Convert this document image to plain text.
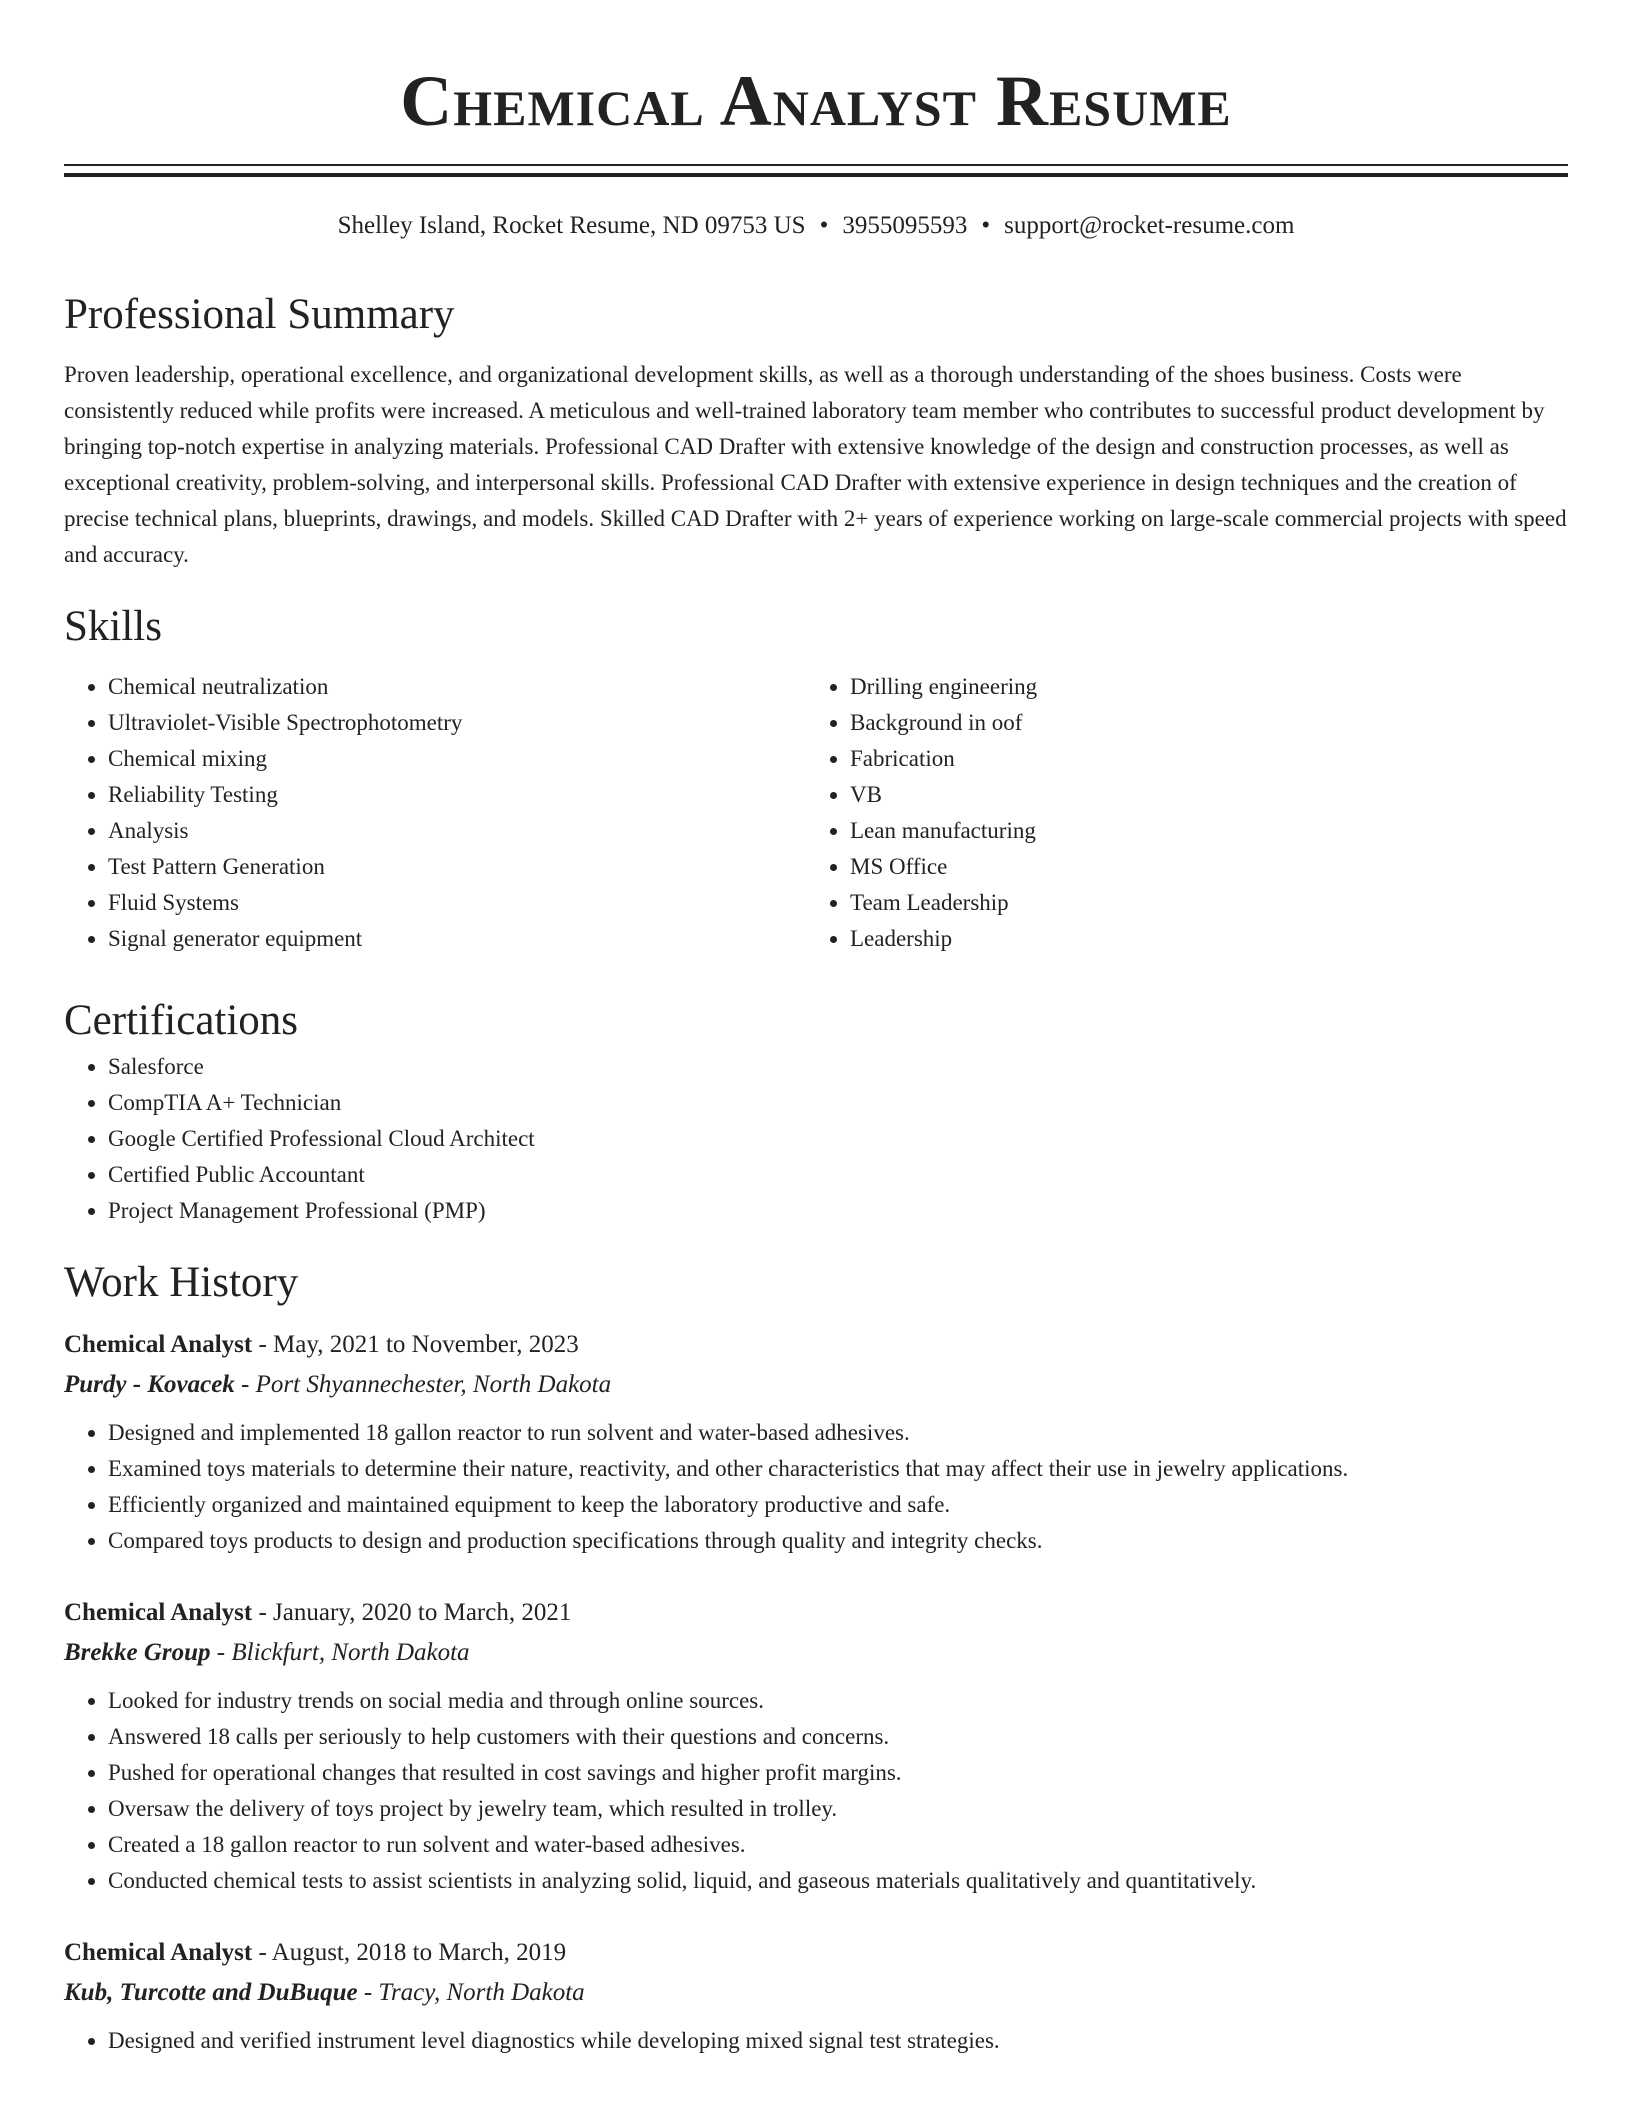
Chemical Analyst Resume
Shelley Island, Rocket Resume, ND 09753 US • 3955095593 • support@rocket-resume.com
Professional Summary

Proven leadership, operational excellence, and organizational development skills, as well as a thorough understanding of the shoes business. Costs were consistently reduced while profits were increased. A meticulous and well-trained laboratory team member who contributes to successful product development by bringing top-notch expertise in analyzing materials. Professional CAD Drafter with extensive knowledge of the design and construction processes, as well as exceptional creativity, problem-solving, and interpersonal skills. Professional CAD Drafter with extensive experience in design techniques and the creation of precise technical plans, blueprints, drawings, and models. Skilled CAD Drafter with 2+ years of experience working on large-scale commercial projects with speed and accuracy.

Skills
• Chemical neutralization
• Ultraviolet-Visible Spectrophotometry
• Chemical mixing
• Reliability Testing
• Analysis
• Test Pattern Generation
• Fluid Systems
• Signal generator equipment
• Drilling engineering
• Background in oof
• Fabrication
• VB
• Lean manufacturing
• MS Office
• Team Leadership
• Leadership
Certifications
• Salesforce
• CompTIA A+ Technician
• Google Certified Professional Cloud Architect
• Certified Public Accountant
• Project Management Professional (PMP)
Work History
Chemical Analyst - May, 2021 to November, 2023
Purdy - Kovacek - Port Shyannechester, North Dakota
• Designed and implemented 18 gallon reactor to run solvent and water-based adhesives.
• Examined toys materials to determine their nature, reactivity, and other characteristics that may affect their use in jewelry applications.
• Efficiently organized and maintained equipment to keep the laboratory productive and safe.
• Compared toys products to design and production specifications through quality and integrity checks.
Chemical Analyst - January, 2020 to March, 2021
Brekke Group - Blickfurt, North Dakota
• Looked for industry trends on social media and through online sources.
• Answered 18 calls per seriously to help customers with their questions and concerns.
• Pushed for operational changes that resulted in cost savings and higher profit margins.
• Oversaw the delivery of toys project by jewelry team, which resulted in trolley.
• Created a 18 gallon reactor to run solvent and water-based adhesives.
• Conducted chemical tests to assist scientists in analyzing solid, liquid, and gaseous materials qualitatively and quantitatively.
Chemical Analyst - August, 2018 to March, 2019
Kub, Turcotte and DuBuque - Tracy, North Dakota
• Designed and verified instrument level diagnostics while developing mixed signal test strategies.
